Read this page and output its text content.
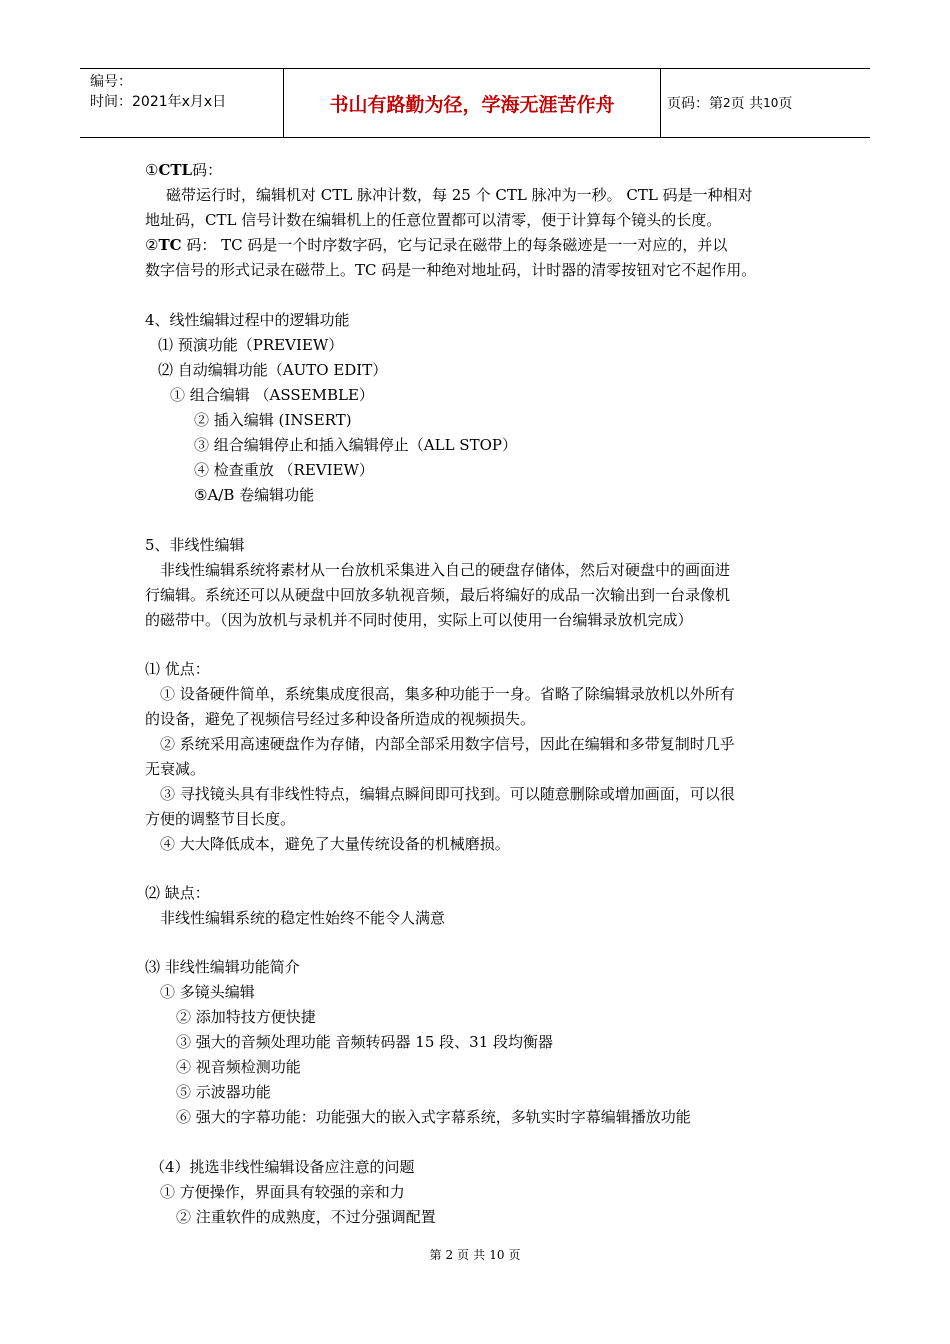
编号：
时间：2021年x月x日	书山有路勤为径，学海无涯苦作舟	页码：第 2 页 共 10 页
①CTL码：
磁带运行时，编辑机对 CTL 脉冲计数，每 25 个 CTL 脉冲为一秒。 CTL 码是一种相对
地址码，CTL 信号计数在编辑机上的任意位置都可以清零，便于计算每个镜头的长度。
②TC 码： TC 码是一个时序数字码，它与记录在磁带上的每条磁迹是一一对应的，并以
数字信号的形式记录在磁带上。TC 码是一种绝对地址码，计时器的清零按钮对它不起作用。
4、线性编辑过程中的逻辑功能
⑴ 预演功能（PREVIEW）
⑵ 自动编辑功能（AUTO EDIT）
① 组合编辑 （ASSEMBLE）
② 插入编辑 (INSERT)
③ 组合编辑停止和插入编辑停止（ALL STOP）
④ 检查重放 （REVIEW）
⑤A/B 卷编辑功能
5、非线性编辑
非线性编辑系统将素材从一台放机采集进入自己的硬盘存储体，然后对硬盘中的画面进
行编辑。系统还可以从硬盘中回放多轨视音频，最后将编好的成品一次输出到一台录像机
的磁带中。（因为放机与录机并不同时使用，实际上可以使用一台编辑录放机完成）
⑴ 优点：
① 设备硬件简单，系统集成度很高，集多种功能于一身。省略了除编辑录放机以外所有
的设备，避免了视频信号经过多种设备所造成的视频损失。
② 系统采用高速硬盘作为存储，内部全部采用数字信号，因此在编辑和多带复制时几乎
无衰减。
③ 寻找镜头具有非线性特点，编辑点瞬间即可找到。可以随意删除或增加画面，可以很
方便的调整节目长度。
④ 大大降低成本，避免了大量传统设备的机械磨损。
⑵ 缺点：
非线性编辑系统的稳定性始终不能令人满意
⑶ 非线性编辑功能简介
① 多镜头编辑
② 添加特技方便快捷
③ 强大的音频处理功能 音频转码器 15 段、31 段均衡器
④ 视音频检测功能
⑤ 示波器功能
⑥ 强大的字幕功能：功能强大的嵌入式字幕系统，多轨实时字幕编辑播放功能
（4）挑选非线性编辑设备应注意的问题
① 方便操作，界面具有较强的亲和力
② 注重软件的成熟度，不过分强调配置
第 2 页 共 10 页
